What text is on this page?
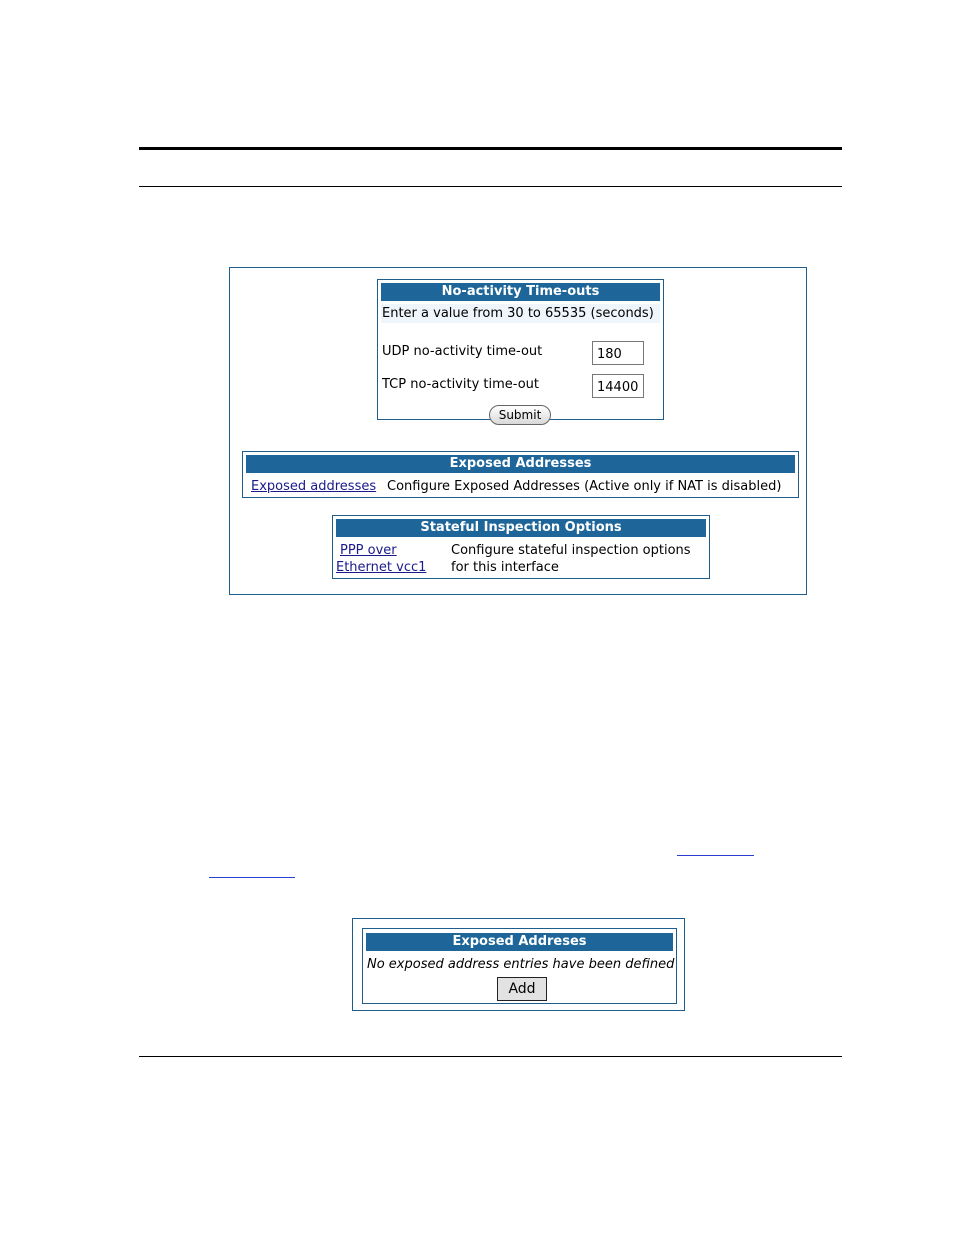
No-activity Time-outs
Enter a value from 30 to 65535 (seconds)
UDP no-activity time-out
180
TCP no-activity time-out
14400
Submit
Exposed Addresses
Exposed addresses Configure Exposed Addresses (Active only if NAT is disabled)
Stateful Inspection Options
PPP over
Ethernet vcc1
Configure stateful inspection options
for this interface
Exposed Addreses
No exposed address entries have been defined
Add
